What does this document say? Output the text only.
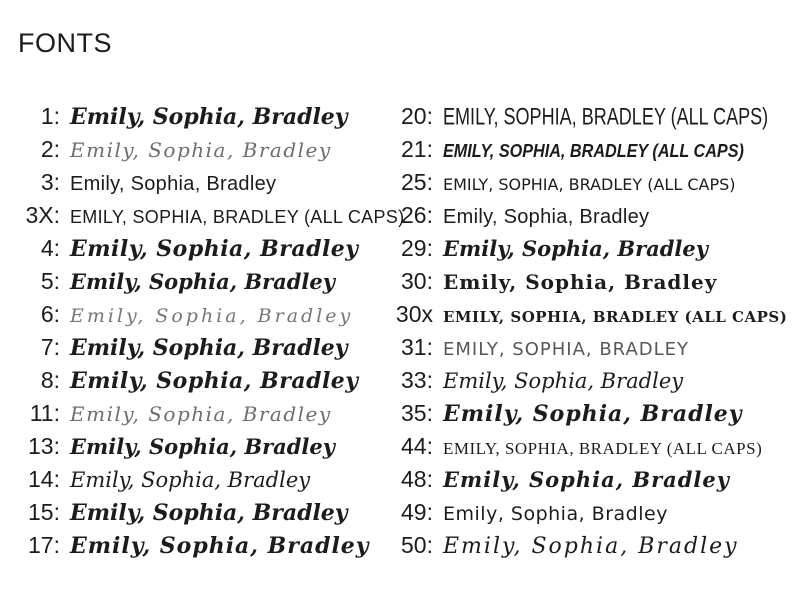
FONTS
1: Emily, Sophia, Bradley
2: Emily, Sophia, Bradley
3: Emily, Sophia, Bradley
3X: EMILY, SOPHIA, BRADLEY (ALL CAPS)
4: Emily, Sophia, Bradley
5: Emily, Sophia, Bradley
6: Emily, Sophia, Bradley
7: Emily, Sophia, Bradley
8: Emily, Sophia, Bradley
11: Emily, Sophia, Bradley
13: Emily, Sophia, Bradley
14: Emily, Sophia, Bradley
15: Emily, Sophia, Bradley
17: Emily, Sophia, Bradley
20: EMILY, SOPHIA, BRADLEY (ALL CAPS)
21: EMILY, SOPHIA, BRADLEY (ALL CAPS)
25: EMILY, SOPHIA, BRADLEY (ALL CAPS)
26: Emily, Sophia, Bradley
29: Emily, Sophia, Bradley
30: Emily, Sophia, Bradley
30x EMILY, SOPHIA, BRADLEY (ALL CAPS)
31: EMILY, SOPHIA, BRADLEY
33: Emily, Sophia, Bradley
35: Emily, Sophia, Bradley
44: EMILY, SOPHIA, BRADLEY (ALL CAPS)
48: Emily, Sophia, Bradley
49: Emily, Sophia, Bradley
50: Emily, Sophia, Bradley
